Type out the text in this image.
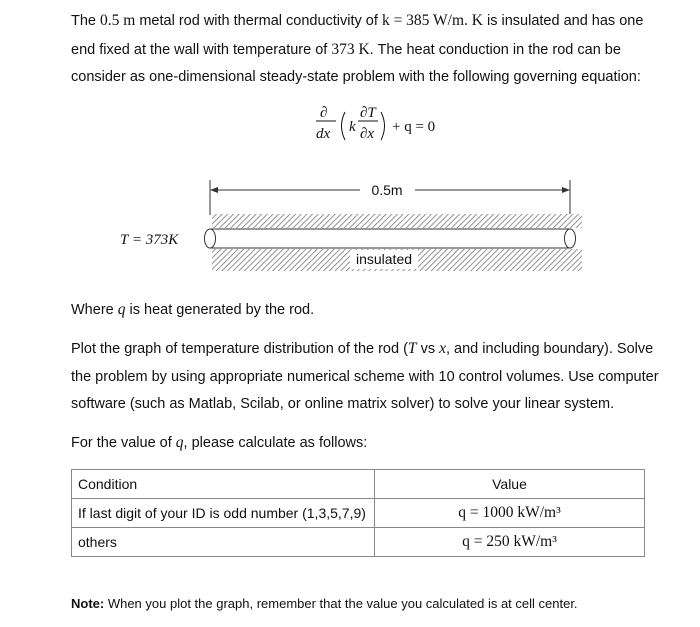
The 0.5 m metal rod with thermal conductivity of k = 385 W/m. K is insulated and has one
end fixed at the wall with temperature of 373 K. The heat conduction in the rod can be
consider as one-dimensional steady-state problem with the following governing equation:
∂
dx k
∂T
∂x + q = 0
0.5m
insulated
T = 373K
Where q is heat generated by the rod.
Plot the graph of temperature distribution of the rod (T vs x, and including boundary). Solve
the problem by using appropriate numerical scheme with 10 control volumes. Use computer
software (such as Matlab, Scilab, or online matrix solver) to solve your linear system.
For the value of q, please calculate as follows:
Condition	Value
If last digit of your ID is odd number (1,3,5,7,9)	q = 1000 kW/m³
others	q = 250 kW/m³
Note: When you plot the graph, remember that the value you calculated is at cell center.
